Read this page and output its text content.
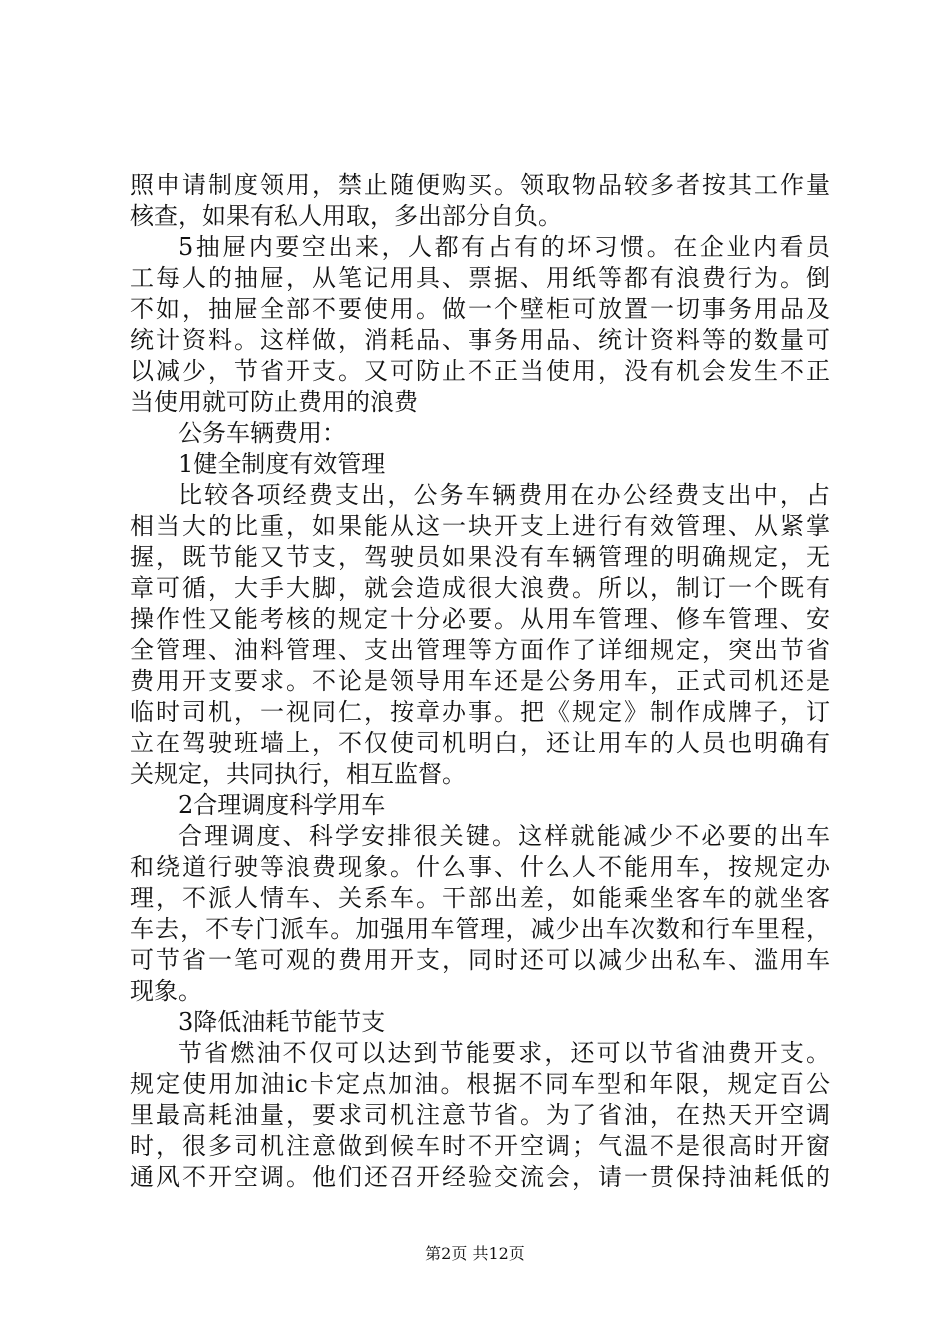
照申请制度领用，禁止随便购买。领取物品较多者按其工作量
核查，如果有私人用取，多出部分自负。
5抽屉内要空出来，人都有占有的坏习惯。在企业内看员
工每人的抽屉，从笔记用具、票据、用纸等都有浪费行为。倒
不如，抽屉全部不要使用。做一个壁柜可放置一切事务用品及
统计资料。这样做，消耗品、事务用品、统计资料等的数量可
以减少，节省开支。又可防止不正当使用，没有机会发生不正
当使用就可防止费用的浪费
公务车辆费用：
1健全制度有效管理
比较各项经费支出，公务车辆费用在办公经费支出中，占
相当大的比重，如果能从这一块开支上进行有效管理、从紧掌
握，既节能又节支，驾驶员如果没有车辆管理的明确规定，无
章可循，大手大脚，就会造成很大浪费。所以，制订一个既有
操作性又能考核的规定十分必要。从用车管理、修车管理、安
全管理、油料管理、支出管理等方面作了详细规定，突出节省
费用开支要求。不论是领导用车还是公务用车，正式司机还是
临时司机，一视同仁，按章办事。把《规定》制作成牌子，订
立在驾驶班墙上，不仅使司机明白，还让用车的人员也明确有
关规定，共同执行，相互监督。
2合理调度科学用车
合理调度、科学安排很关键。这样就能减少不必要的出车
和绕道行驶等浪费现象。什么事、什么人不能用车，按规定办
理，不派人情车、关系车。干部出差，如能乘坐客车的就坐客
车去，不专门派车。加强用车管理，减少出车次数和行车里程，
可节省一笔可观的费用开支，同时还可以减少出私车、滥用车
现象。
3降低油耗节能节支
节省燃油不仅可以达到节能要求，还可以节省油费开支。
规定使用加油ic卡定点加油。根据不同车型和年限，规定百公
里最高耗油量，要求司机注意节省。为了省油，在热天开空调
时，很多司机注意做到候车时不开空调；气温不是很高时开窗
通风不开空调。他们还召开经验交流会，请一贯保持油耗低的
第2页 共12页
